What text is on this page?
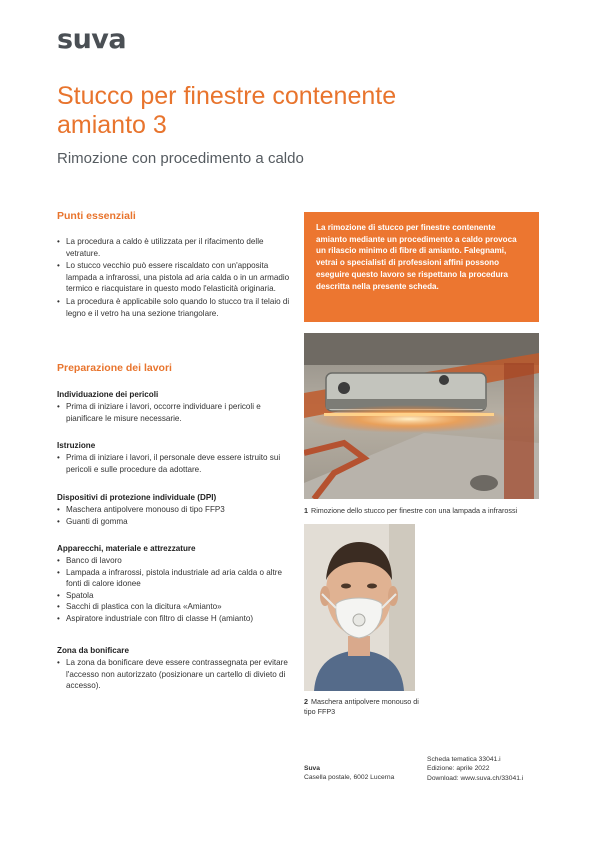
suva
Stucco per finestre contenente amianto 3
Rimozione con procedimento a caldo
Punti essenziali
• La procedura a caldo è utilizzata per il rifacimento delle vetrature.
• Lo stucco vecchio può essere riscaldato con un'apposita lampada a infrarossi, una pistola ad aria calda o in un armadio termico e riacquistare in questo modo l'elasticità originaria.
• La procedura è applicabile solo quando lo stucco tra il telaio di legno e il vetro ha una sezione triangolare.
Preparazione dei lavori
Individuazione dei pericoli
• Prima di iniziare i lavori, occorre individuare i pericoli e pianificare le misure necessarie.
Istruzione
• Prima di iniziare i lavori, il personale deve essere istruito sui pericoli e sulle procedure da adottare.
Dispositivi di protezione individuale (DPI)
• Maschera antipolvere monouso di tipo FFP3
• Guanti di gomma
Apparecchi, materiale e attrezzature
• Banco di lavoro
• Lampada a infrarossi, pistola industriale ad aria calda o altre fonti di calore idonee
• Spatola
• Sacchi di plastica con la dicitura «Amianto»
• Aspiratore industriale con filtro di classe H (amianto)
Zona da bonificare
• La zona da bonificare deve essere contrassegnata per evitare l'accesso non autorizzato (posizionare un cartello di divieto di accesso).
La rimozione di stucco per finestre contenente amianto mediante un procedimento a caldo provoca un rilascio minimo di fibre di amianto. Falegnami, vetrai o specialisti di professioni affini possono eseguire questo lavoro se rispettano la procedura descritta nella presente scheda.
1 Rimozione dello stucco per finestre con una lampada a infrarossi
2 Maschera antipolvere monouso di tipo FFP3
Suva
Casella postale, 6002 Lucerna
Scheda tematica 33041.i
Edizione: aprile 2022
Download: www.suva.ch/33041.i
